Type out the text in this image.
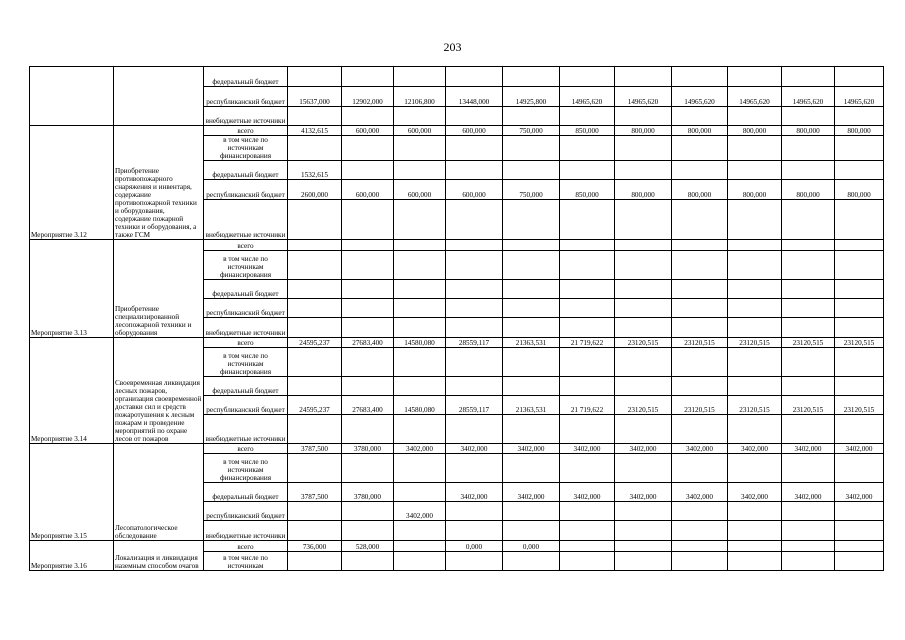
203
		федеральный бюджет											
		республиканский бюджет	15637,000	12902,000	12106,800	13448,000	14925,800	14965,620	14965,620	14965,620	14965,620	14965,620	14965,620
		внебюджетные источники											
Мероприятие 3.12	Приобретение противопожарного снаряжения и инвентаря, содержание противопожарной техники и оборудования, содержание пожарной техники и оборудования, а также ГСМ	всего	4132,615	600,000	600,000	600,000	750,000	850,000	800,000	800,000	800,000	800,000	800,000
		в том числе по источникам финансирования											
		федеральный бюджет	1532,615										
		республиканский бюджет	2600,000	600,000	600,000	600,000	750,000	850,000	800,000	800,000	800,000	800,000	800,000
		внебюджетные источники											
Мероприятие 3.13	Приобретение специализированной лесопожарной техники и оборудования	всего											
		в том числе по источникам финансирования											
		федеральный бюджет											
		республиканский бюджет											
		внебюджетные источники											
Мероприятие 3.14	Своевременная ликвидация лесных пожаров, организация своевременной доставки сил и средств пожаротушения к лесным пожарам и проведение мероприятий по охране лесов от пожаров	всего	24595,237	27683,400	14580,080	28559,117	21363,531	21 719,622	23120,515	23120,515	23120,515	23120,515	23120,515
		в том числе по источникам финансирования											
		федеральный бюджет											
		республиканский бюджет	24595,237	27683,400	14580,080	28559,117	21363,531	21 719,622	23120,515	23120,515	23120,515	23120,515	23120,515
		внебюджетные источники											
Мероприятие 3.15	Лесопатологическое обследование	всего	3787,500	3780,000	3402,000	3402,000	3402,000	3402,000	3402,000	3402,000	3402,000	3402,000	3402,000
		в том числе по источникам финансирования											
		федеральный бюджет	3787,500	3780,000		3402,000	3402,000	3402,000	3402,000	3402,000	3402,000	3402,000	3402,000
		республиканский бюджет			3402,000								
		внебюджетные источники											
Мероприятие 3.16	Локализация и ликвидация наземным способом очагов	всего	736,000	528,000		0,000	0,000						
		в том числе по источникам											
